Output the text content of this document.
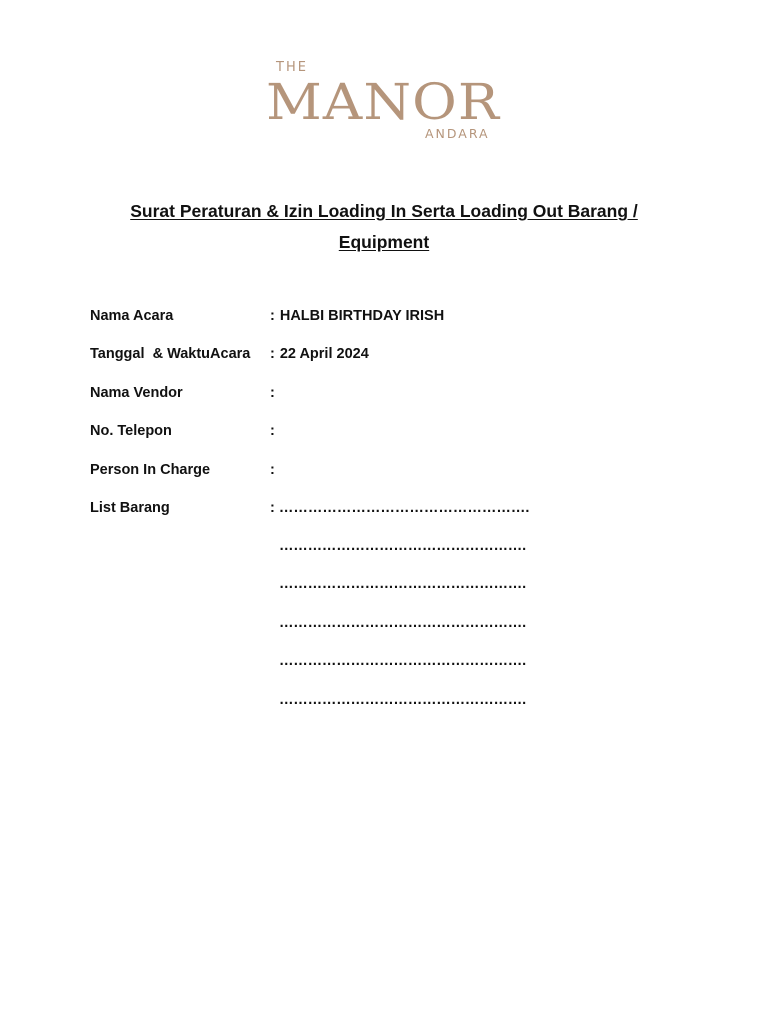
THE
MANOR
ANDARA
Surat Peraturan & Izin Loading In Serta Loading Out Barang /
Equipment
Nama Acara	: HALBI BIRTHDAY IRISH
Tanggal  & WaktuAcara : 22 April 2024
Nama Vendor	:
No. Telepon	:
Person In Charge	:
List Barang	: …………………………………………….
…………………………………………….
…………………………………………….
…………………………………………….
…………………………………………….
…………………………………………….
